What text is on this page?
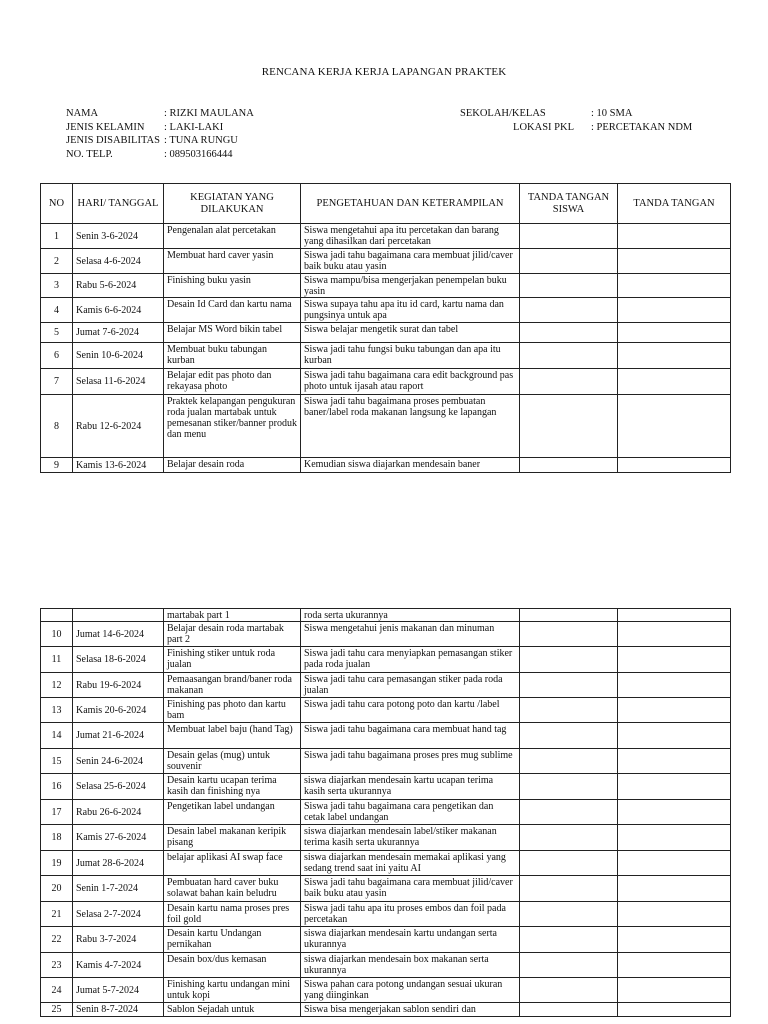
RENCANA KERJA KERJA LAPANGAN PRAKTEK
NAMA	: RIZKI MAULANA
JENIS KELAMIN : LAKI-LAKI
JENIS DISABILITAS : TUNA RUNGU
NO. TELP.	: 089503166444
SEKOLAH/KELAS	: 10 SMA
LOKASI PKL : PERCETAKAN NDM
NO	HARI/ TANGGAL	KEGIATAN YANG DILAKUKAN	PENGETAHUAN DAN KETERAMPILAN	TANDA TANGAN SISWA	TANDA TANGAN
1	Senin 3-6-2024	Pengenalan alat percetakan	Siswa mengetahui apa itu percetakan dan barang yang dihasilkan dari percetakan		
2	Selasa 4-6-2024	Membuat hard caver yasin	Siswa jadi tahu bagaimana cara membuat jilid/caver baik buku atau yasin		
3	Rabu 5-6-2024	Finishing buku yasin	Siswa mampu/bisa mengerjakan penempelan buku yasin		
4	Kamis 6-6-2024	Desain Id Card dan kartu nama	Siswa supaya tahu apa itu id card, kartu nama dan pungsinya untuk apa		
5	Jumat 7-6-2024	Belajar MS Word bikin tabel	Siswa belajar mengetik surat dan tabel		
6	Senin 10-6-2024	Membuat buku tabungan kurban	Siswa jadi tahu fungsi buku tabungan dan apa itu kurban		
7	Selasa 11-6-2024	Belajar edit pas photo dan rekayasa photo	Siswa jadi tahu bagaimana cara edit background pas photo untuk ijasah atau raport		
8	Rabu 12-6-2024	Praktek kelapangan pengukuran roda jualan martabak untuk pemesanan stiker/banner produk dan menu	Siswa jadi tahu bagaimana proses pembuatan baner/label roda makanan langsung ke lapangan		
9	Kamis 13-6-2024	Belajar desain roda	Kemudian siswa diajarkan mendesain baner		
		martabak part 1	roda serta ukurannya		
10	Jumat 14-6-2024	Belajar desain roda martabak part 2	Siswa mengetahui jenis makanan dan minuman		
11	Selasa 18-6-2024	Finishing stiker untuk roda jualan	Siswa jadi tahu cara menyiapkan pemasangan stiker pada roda jualan		
12	Rabu 19-6-2024	Pemaasangan brand/baner roda makanan	Siswa jadi tahu cara pemasangan stiker pada roda jualan		
13	Kamis 20-6-2024	Finishing pas photo dan kartu bam	Siswa jadi tahu cara potong poto dan kartu /label		
14	Jumat 21-6-2024	Membuat label baju (hand Tag)	Siswa jadi tahu bagaimana cara membuat hand tag		
15	Senin 24-6-2024	Desain gelas (mug) untuk souvenir	Siswa jadi tahu bagaimana proses pres mug sublime		
16	Selasa 25-6-2024	Desain kartu ucapan terima kasih dan finishing nya	siswa diajarkan mendesain kartu ucapan terima kasih serta ukurannya		
17	Rabu 26-6-2024	Pengetikan label undangan	Siswa jadi tahu bagaimana cara pengetikan dan cetak label undangan		
18	Kamis 27-6-2024	Desain label makanan keripik pisang	siswa diajarkan mendesain label/stiker makanan terima kasih serta ukurannya		
19	Jumat 28-6-2024	belajar aplikasi AI swap face	siswa diajarkan mendesain memakai aplikasi yang sedang trend saat ini yaitu AI		
20	Senin 1-7-2024	Pembuatan hard caver buku solawat bahan kain beludru	Siswa jadi tahu bagaimana cara membuat jilid/caver baik buku atau yasin		
21	Selasa 2-7-2024	Desain kartu nama proses pres foil gold	Siswa jadi tahu apa itu proses embos dan foil pada percetakan		
22	Rabu 3-7-2024	Desain kartu Undangan pernikahan	siswa diajarkan mendesain kartu undangan serta ukurannya		
23	Kamis 4-7-2024	Desain box/dus kemasan	siswa diajarkan mendesain box makanan serta ukurannya		
24	Jumat 5-7-2024	Finishing kartu undangan mini untuk kopi	Siswa pahan cara potong undangan sesuai ukuran yang diinginkan		
25	Senin 8-7-2024	Sablon Sejadah untuk	Siswa bisa mengerjakan sablon sendiri dan		
